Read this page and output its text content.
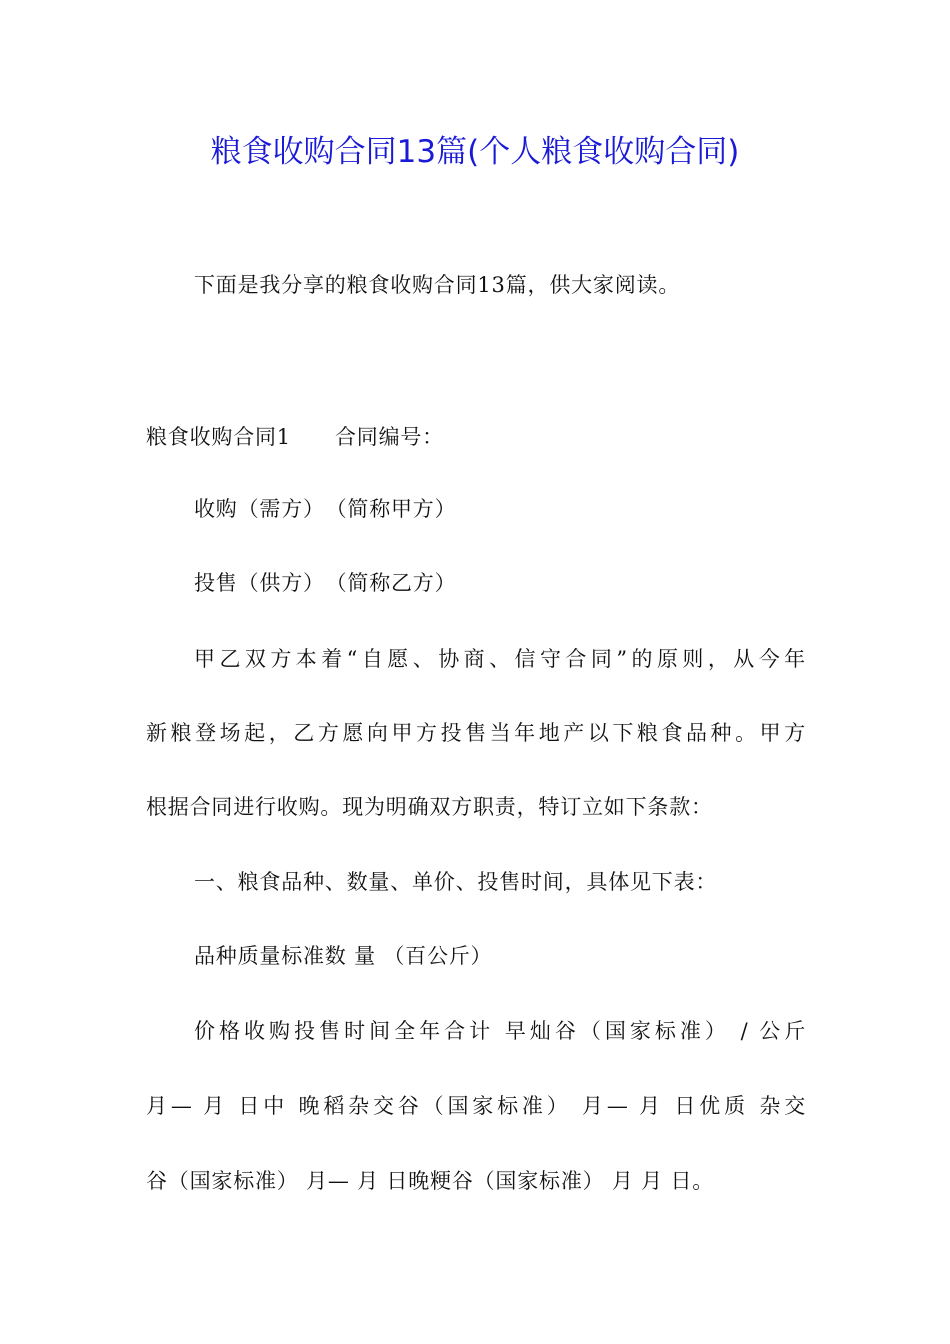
粮食收购合同13篇(个人粮食收购合同)
下面是我分享的粮食收购合同13篇，供大家阅读。
粮食收购合同1 合同编号：
收购（需方）　（简称甲方）
投售（供方）　（简称乙方）
甲乙双方本着“自愿、协商、信守合同”的原则，从今年
新粮登场起，乙方愿向甲方投售当年地产以下粮食品种。甲方
根据合同进行收购。现为明确双方职责，特订立如下条款：
一、粮食品种、数量、单价、投售时间，具体见下表：
品种质量标准数 量 （百公斤）
价格收购投售时间全年合计 早灿谷（国家标准） / 公斤
月— 月 日中 晚稻杂交谷（国家标准） 月— 月 日优质 杂交
谷（国家标准） 月— 月 日晚粳谷（国家标准） 月 月 日。
